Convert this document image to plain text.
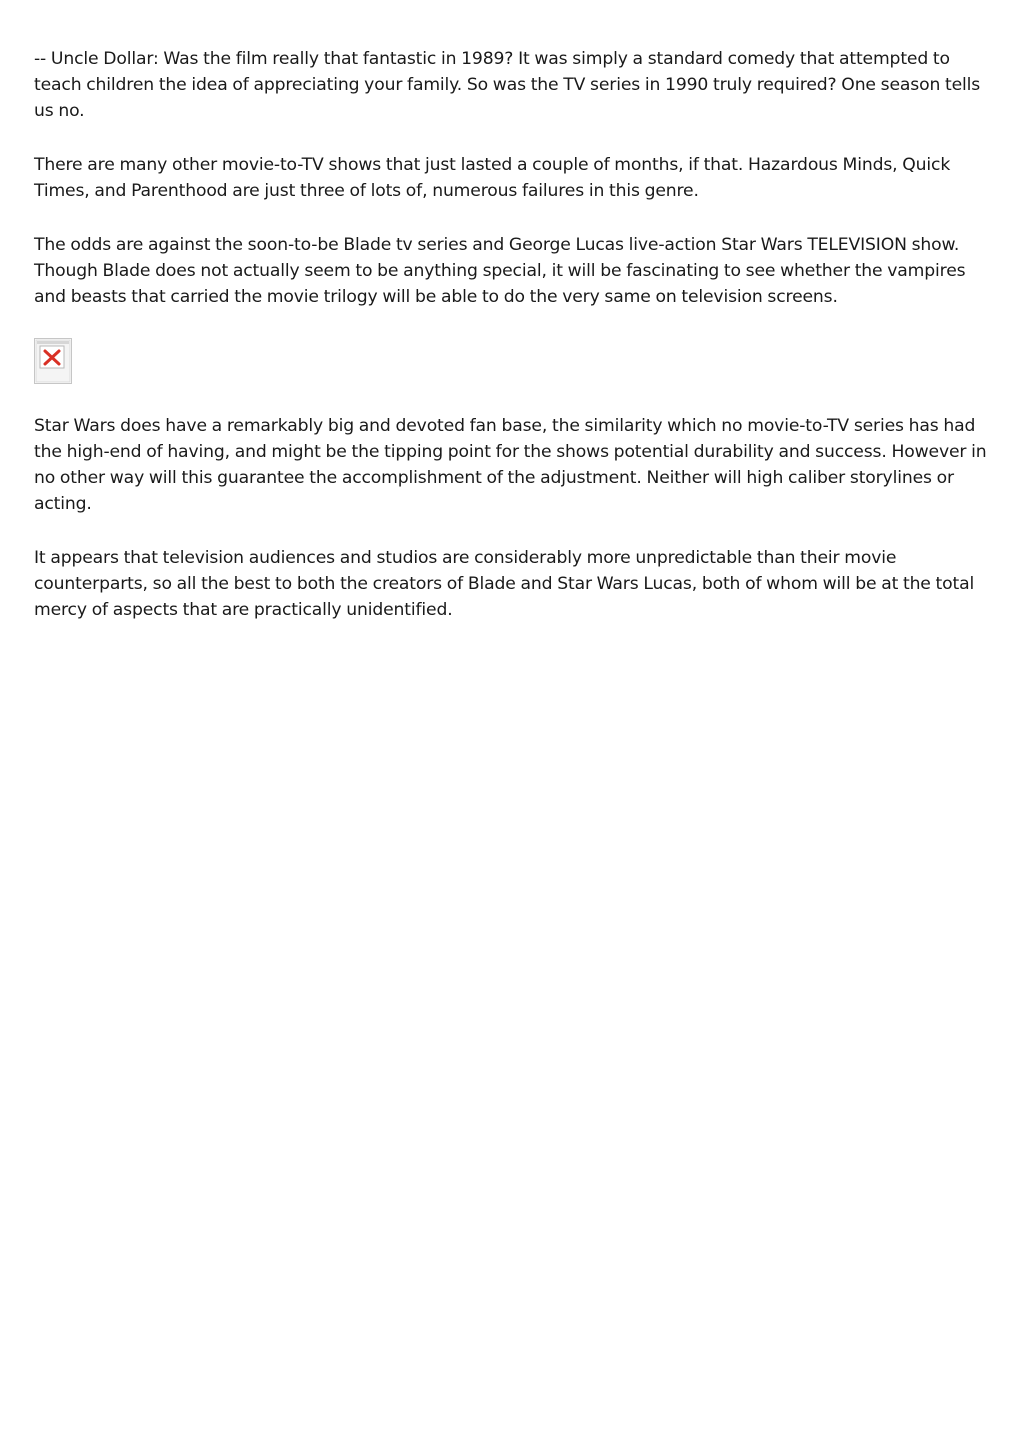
-- Uncle Dollar: Was the film really that fantastic in 1989? It was simply a standard comedy that attempted to teach children the idea of appreciating your family. So was the TV series in 1990 truly required? One season tells us no.

There are many other movie-to-TV shows that just lasted a couple of months, if that. Hazardous Minds, Quick Times, and Parenthood are just three of lots of, numerous failures in this genre.

The odds are against the soon-to-be Blade tv series and George Lucas live-action Star Wars TELEVISION show. Though Blade does not actually seem to be anything special, it will be fascinating to see whether the vampires and beasts that carried the movie trilogy will be able to do the very same on television screens.

Star Wars does have a remarkably big and devoted fan base, the similarity which no movie-to-TV series has had the high-end of having, and might be the tipping point for the shows potential durability and success. However in no other way will this guarantee the accomplishment of the adjustment. Neither will high caliber storylines or acting.

It appears that television audiences and studios are considerably more unpredictable than their movie counterparts, so all the best to both the creators of Blade and Star Wars Lucas, both of whom will be at the total mercy of aspects that are practically unidentified.
